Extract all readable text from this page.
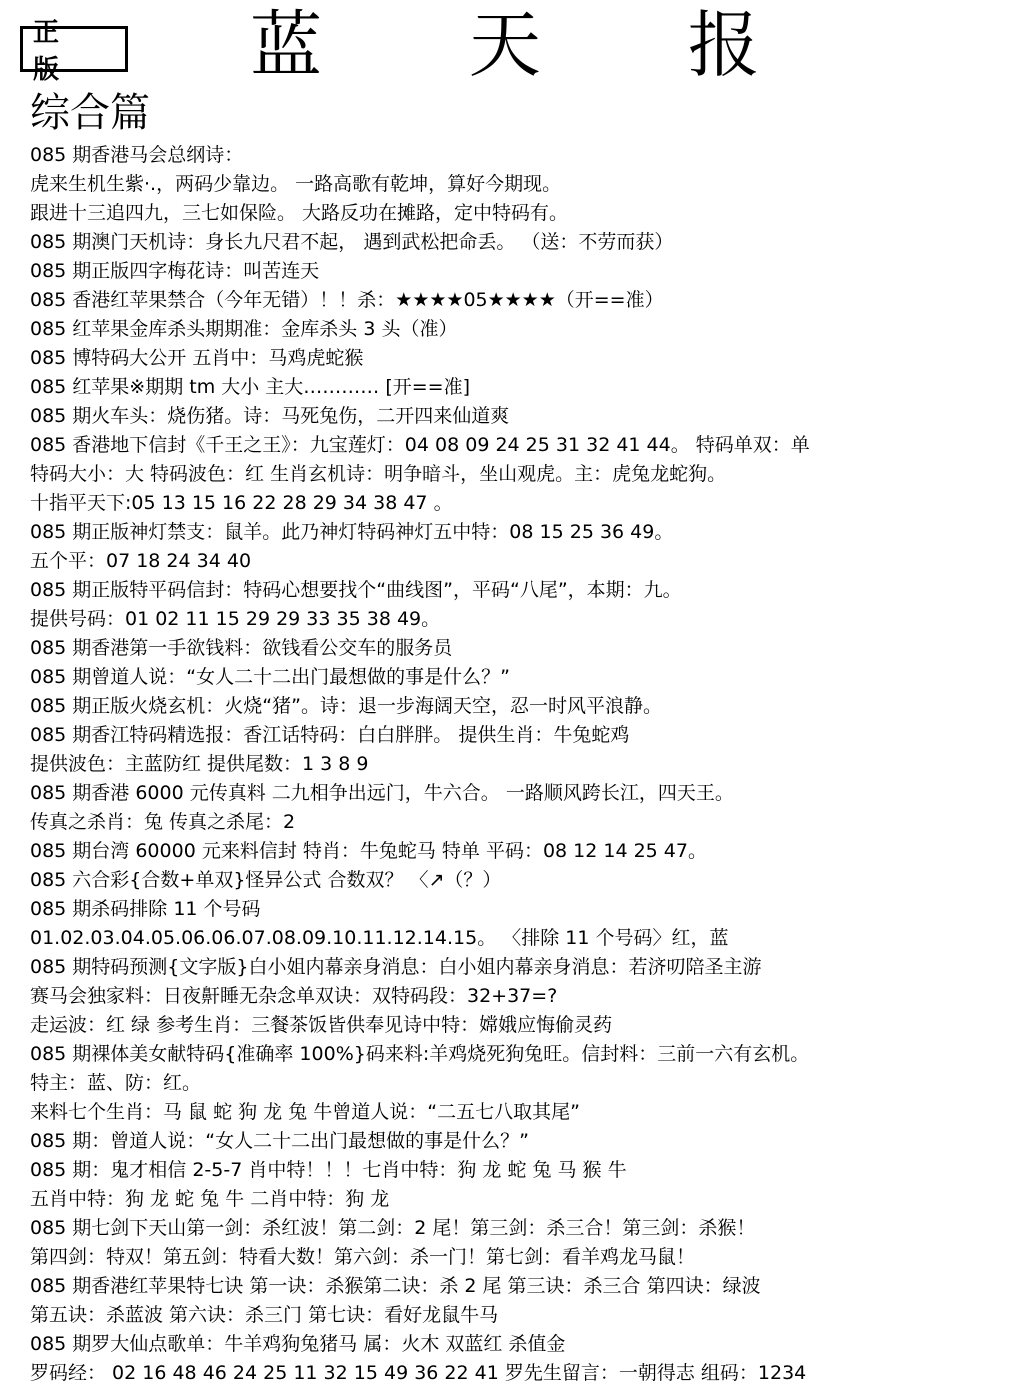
正 版	蓝 天 报
综合篇
085 期香港马会总纲诗：
虎来生机生紫·.，两码少靠边。 一路高歌有乾坤，算好今期现。
跟进十三追四九，三七如保险。 大路反功在摊路，定中特码有。
085 期澳门天机诗：身长九尺君不起， 遇到武松把命丢。 （送：不劳而获）
085 期正版四字梅花诗：叫苦连天
085 香港红苹果禁合（今年无错）！！杀：★★★★05★★★★（开==准）
085 红苹果金库杀头期期准：金库杀头 3 头（准）
085 博特码大公开 五肖中：马鸡虎蛇猴
085 红苹果※期期 tm 大小 主大………… [开==准]
085 期火车头：烧伤猪。诗：马死兔伤，二开四来仙道爽
085 香港地下信封《千王之王》：九宝莲灯：04 08 09 24 25 31 32 41 44。 特码单双：单
特码大小：大 特码波色：红 生肖玄机诗：明争暗斗，坐山观虎。主：虎兔龙蛇狗。
十指平天下:05 13 15 16 22 28 29 34 38 47 。
085 期正版神灯禁支：鼠羊。此乃神灯特码神灯五中特：08 15 25 36 49。
五个平：07 18 24 34 40
085 期正版特平码信封：特码心想要找个“曲线图”，平码“八尾”，本期：九。
提供号码：01 02 11 15 29 29 33 35 38 49。
085 期香港第一手欲钱料：欲钱看公交车的服务员
085 期曾道人说：“女人二十二出门最想做的事是什么？”
085 期正版火烧玄机：火烧“猪”。诗：退一步海阔天空，忍一时风平浪静。
085 期香江特码精选报：香江话特码：白白胖胖。 提供生肖：牛兔蛇鸡
提供波色：主蓝防红 提供尾数：1 3 8 9
085 期香港 6000 元传真料 二九相争出远门，牛六合。 一路顺风跨长江，四天王。
传真之杀肖：兔 传真之杀尾：2
085 期台湾 60000 元来料信封 特肖：牛兔蛇马 特单 平码：08 12 14 25 47。
085 六合彩{合数+单双}怪异公式 合数双？ 〈↗（？）
085 期杀码排除 11 个号码
01.02.03.04.05.06.06.07.08.09.10.11.12.14.15。 〈排除 11 个号码〉红，蓝
085 期特码预测{文字版}白小姐内幕亲身消息：白小姐内幕亲身消息：若济叨陪圣主游
赛马会独家料：日夜鼾睡无杂念单双诀：双特码段：32+37=?
走运波：红 绿 参考生肖：三餐茶饭皆供奉见诗中特：嫦娥应悔偷灵药
085 期裸体美女献特码{准确率 100%}码来料:羊鸡烧死狗兔旺。信封料：三前一六有玄机。
特主：蓝、防：红。
来料七个生肖：马 鼠 蛇 狗 龙 兔 牛曾道人说：“二五七八取其尾”
085 期：曾道人说：“女人二十二出门最想做的事是什么？”
085 期：鬼才相信 2-5-7 肖中特！！！七肖中特：狗 龙 蛇 兔 马 猴 牛
五肖中特：狗 龙 蛇 兔 牛 二肖中特：狗 龙
085 期七剑下天山第一剑：杀红波！第二剑：2 尾！第三剑：杀三合！第三剑：杀猴！
第四剑：特双！第五剑：特看大数！第六剑：杀一门！第七剑：看羊鸡龙马鼠！
085 期香港红苹果特七诀 第一诀：杀猴第二诀：杀 2 尾 第三诀：杀三合 第四诀：绿波
第五诀：杀蓝波 第六诀：杀三门 第七诀：看好龙鼠牛马
085 期罗大仙点歌单：牛羊鸡狗兔猪马 属：火木 双蓝红 杀值金
罗码经： 02 16 48 46 24 25 11 32 15 49 36 22 41 罗先生留言：一朝得志 组码：1234
